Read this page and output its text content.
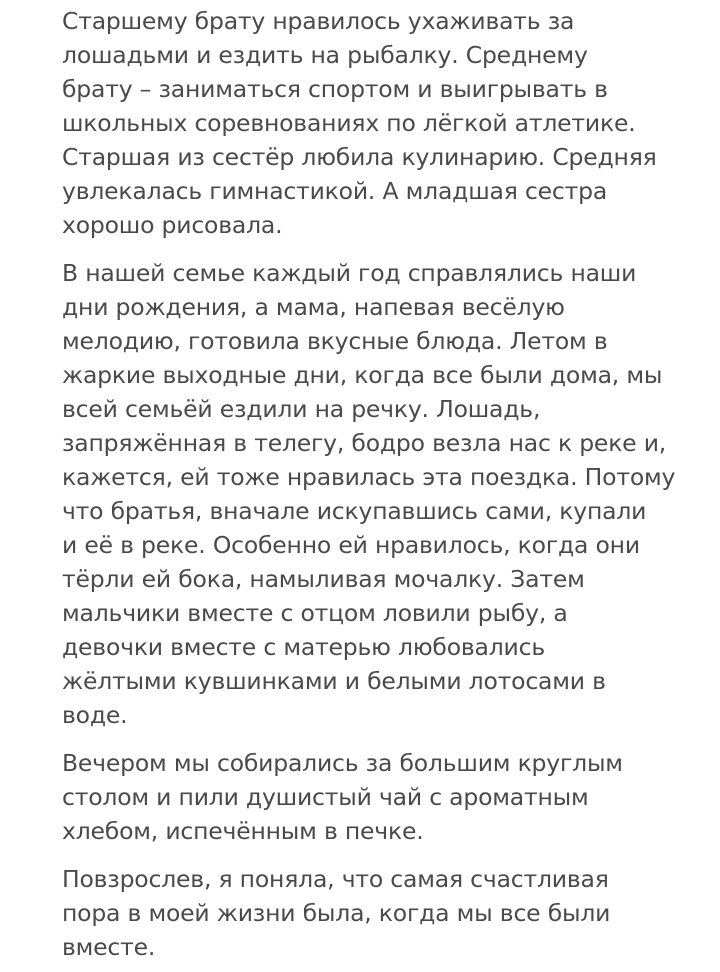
Старшему брату нравилось ухаживать за
лошадьми и ездить на рыбалку. Среднему
брату – заниматься спортом и выигрывать в
школьных соревнованиях по лёгкой атлетике.
Старшая из сестёр любила кулинарию. Средняя
увлекалась гимнастикой. А младшая сестра
хорошо рисовала.

В нашей семье каждый год справлялись наши
дни рождения, а мама, напевая весёлую
мелодию, готовила вкусные блюда. Летом в
жаркие выходные дни, когда все были дома, мы
всей семьёй ездили на речку. Лошадь,
запряжённая в телегу, бодро везла нас к реке и,
кажется, ей тоже нравилась эта поездка. Потому
что братья, вначале искупавшись сами, купали
и её в реке. Особенно ей нравилось, когда они
тёрли ей бока, намыливая мочалку. Затем
мальчики вместе с отцом ловили рыбу, а
девочки вместе с матерью любовались
жёлтыми кувшинками и белыми лотосами в
воде.

Вечером мы собирались за большим круглым
столом и пили душистый чай с ароматным
хлебом, испечённым в печке.

Повзрослев, я поняла, что самая счастливая
пора в моей жизни была, когда мы все были
вместе.
